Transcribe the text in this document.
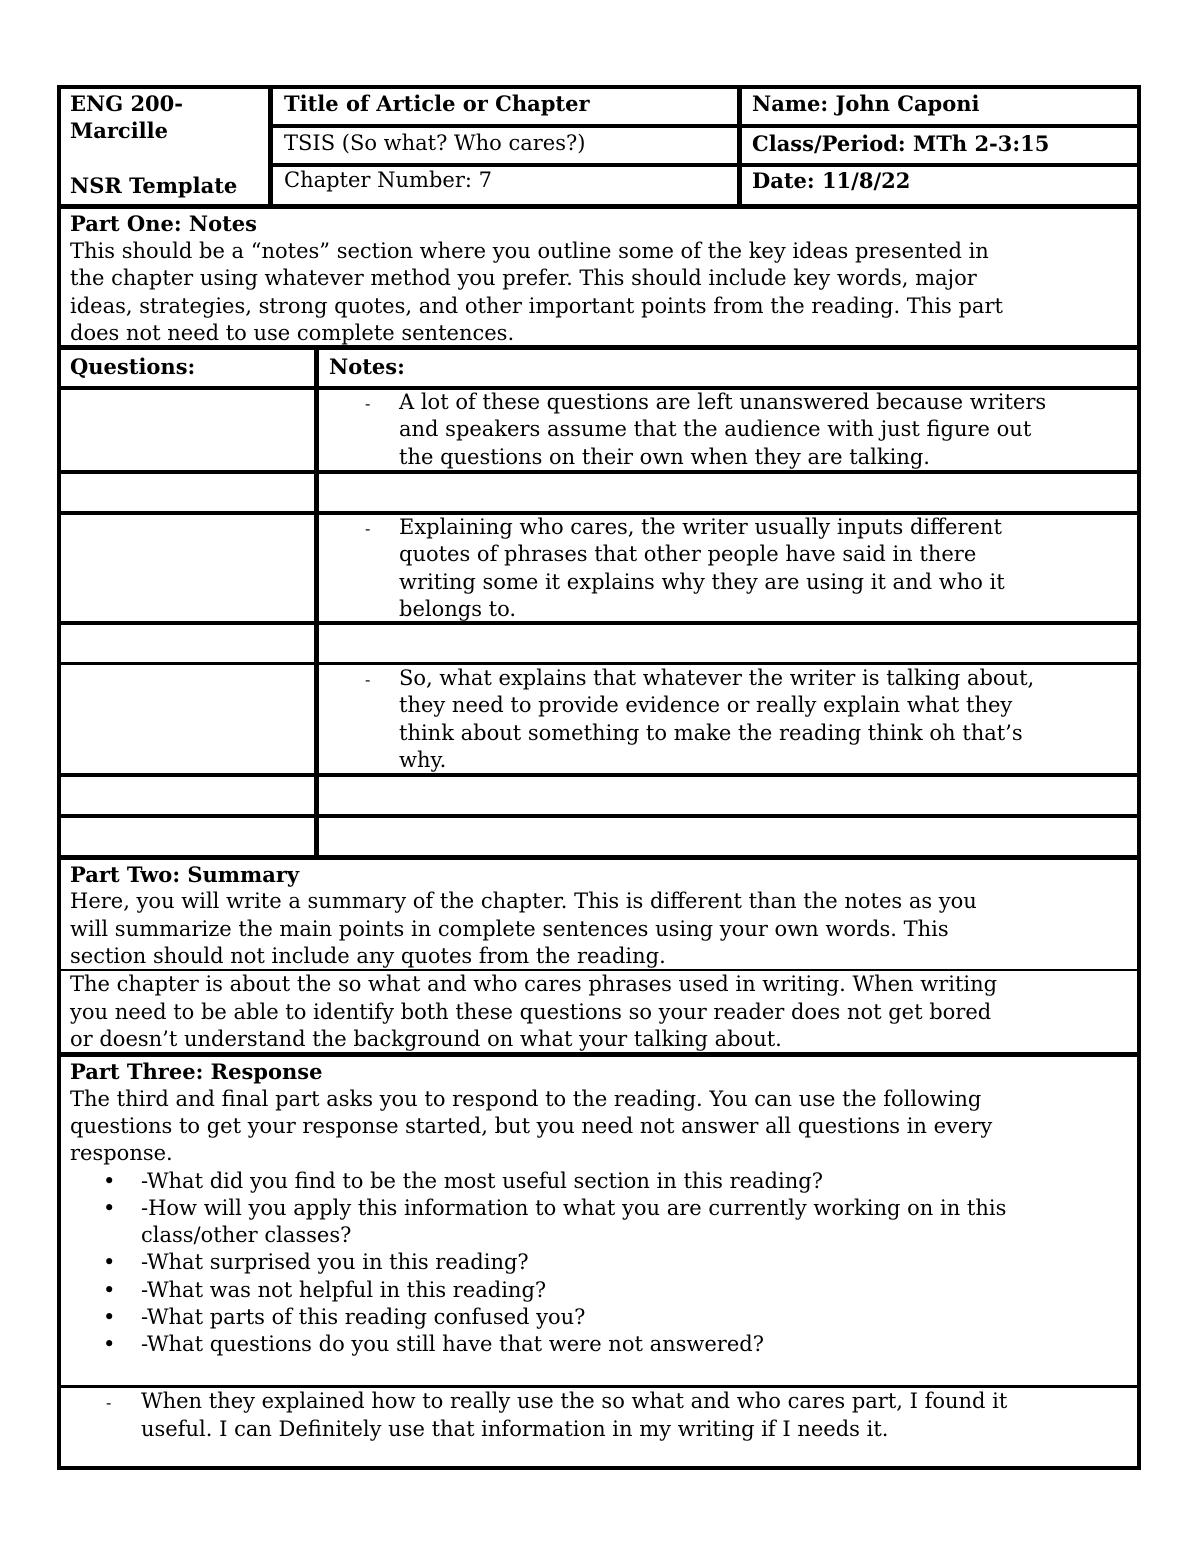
ENG 200-
Marcille
NSR Template
Title of Article or Chapter
TSIS (So what? Who cares?)
Chapter Number: 7
Name: John Caponi
Class/Period: MTh 2-3:15
Date: 11/8/22
Part One: Notes
This should be a “notes” section where you outline some of the key ideas presented in
the chapter using whatever method you prefer. This should include key words, major
ideas, strategies, strong quotes, and other important points from the reading. This part
does not need to use complete sentences.
Questions:	Notes:
- A lot of these questions are left unanswered because writers
and speakers assume that the audience with just figure out
the questions on their own when they are talking.
- Explaining who cares, the writer usually inputs different
quotes of phrases that other people have said in there
writing some it explains why they are using it and who it
belongs to.
- So, what explains that whatever the writer is talking about,
they need to provide evidence or really explain what they
think about something to make the reading think oh that’s
why.
Part Two: Summary
Here, you will write a summary of the chapter. This is different than the notes as you
will summarize the main points in complete sentences using your own words. This
section should not include any quotes from the reading.
The chapter is about the so what and who cares phrases used in writing. When writing
you need to be able to identify both these questions so your reader does not get bored
or doesn’t understand the background on what your talking about.
Part Three: Response
The third and final part asks you to respond to the reading. You can use the following
questions to get your response started, but you need not answer all questions in every
response.
• -What did you find to be the most useful section in this reading?
• -How will you apply this information to what you are currently working on in this
class/other classes?
• -What surprised you in this reading?
• -What was not helpful in this reading?
• -What parts of this reading confused you?
• -What questions do you still have that were not answered?
- When they explained how to really use the so what and who cares part, I found it
useful. I can Definitely use that information in my writing if I needs it.
